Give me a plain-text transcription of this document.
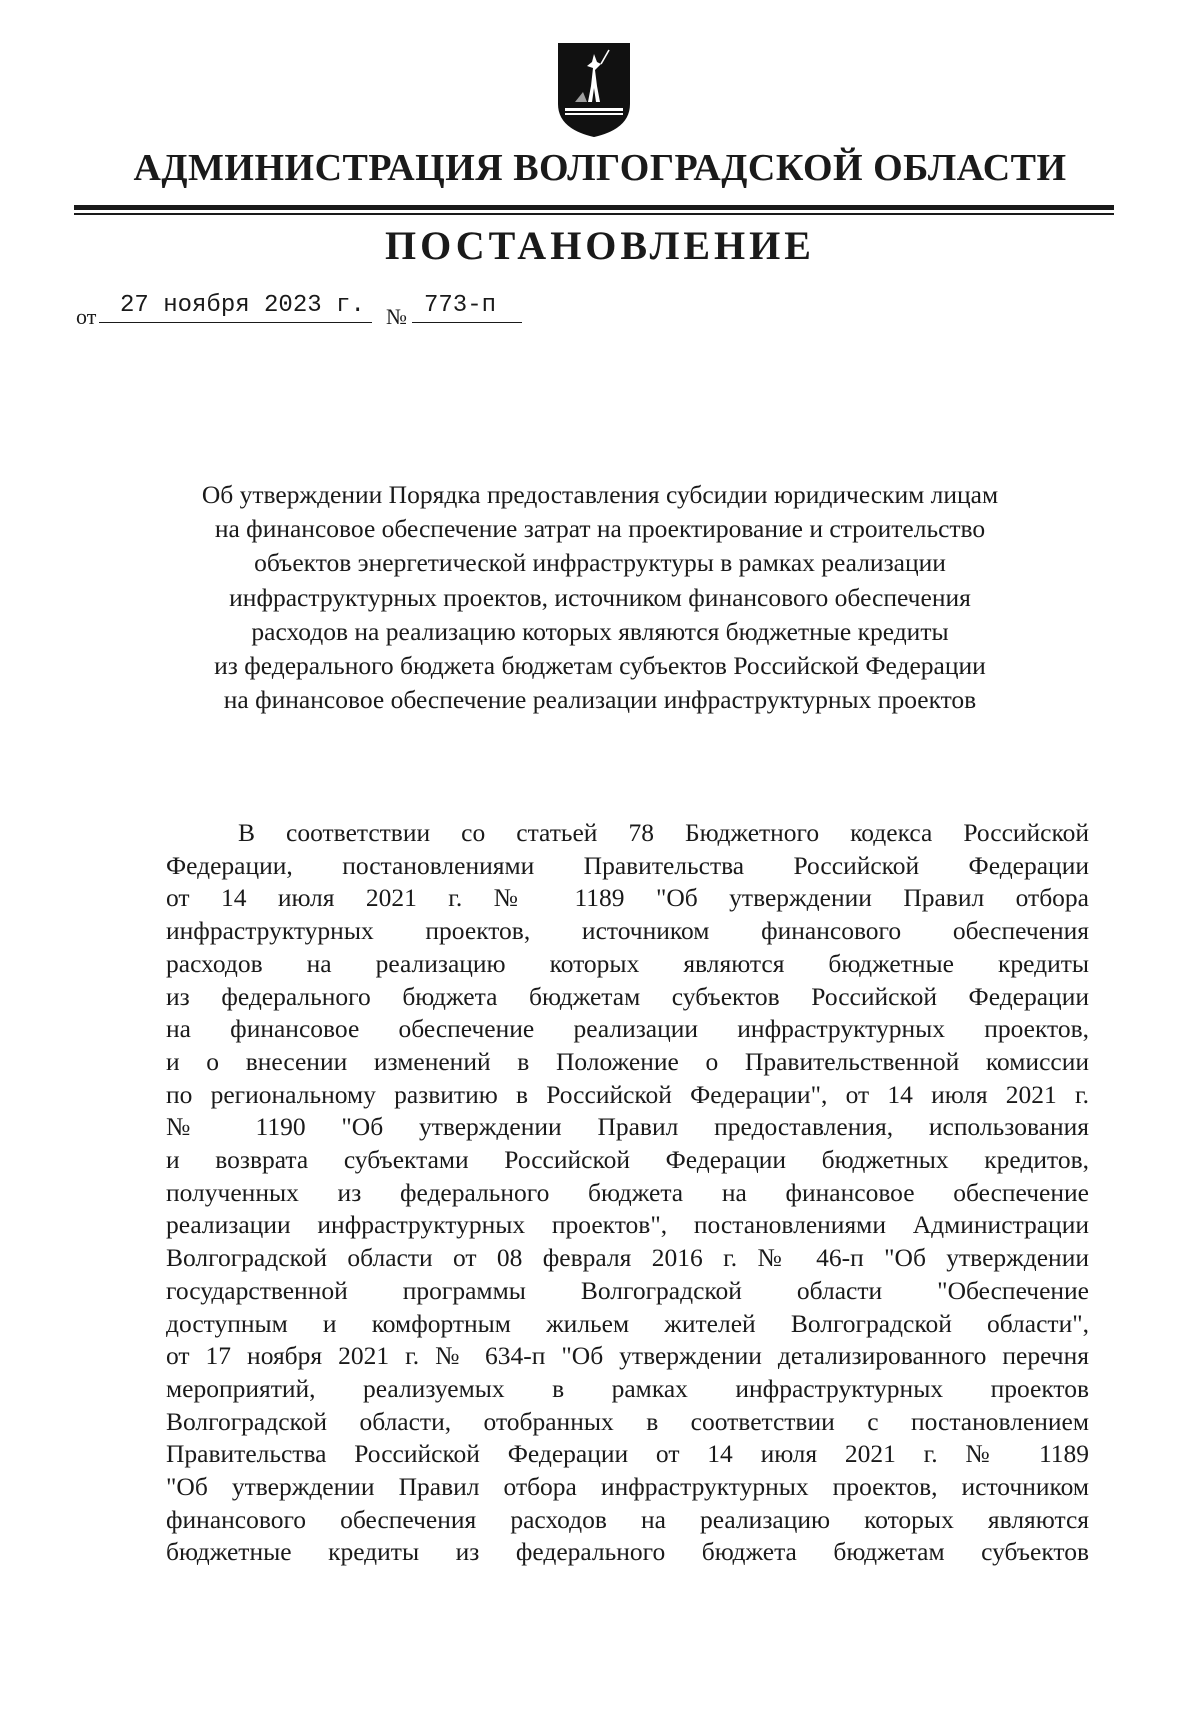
АДМИНИСТРАЦИЯ ВОЛГОГРАДСКОЙ ОБЛАСТИ
ПОСТАНОВЛЕНИЕ
от 27 ноября 2023 г. № 773-п
Об утверждении Порядка предоставления субсидии юридическим лицам
на финансовое обеспечение затрат на проектирование и строительство
объектов энергетической инфраструктуры в рамках реализации
инфраструктурных проектов, источником финансового обеспечения
расходов на реализацию которых являются бюджетные кредиты
из федерального бюджета бюджетам субъектов Российской Федерации
на финансовое обеспечение реализации инфраструктурных проектов
В соответствии со статьей 78 Бюджетного кодекса Российской
Федерации, постановлениями Правительства Российской Федерации
от 14 июля 2021 г. № 1189 "Об утверждении Правил отбора
инфраструктурных проектов, источником финансового обеспечения
расходов на реализацию которых являются бюджетные кредиты
из федерального бюджета бюджетам субъектов Российской Федерации
на финансовое обеспечение реализации инфраструктурных проектов,
и о внесении изменений в Положение о Правительственной комиссии
по региональному развитию в Российской Федерации", от 14 июля 2021 г.
№ 1190 "Об утверждении Правил предоставления, использования
и возврата субъектами Российской Федерации бюджетных кредитов,
полученных из федерального бюджета на финансовое обеспечение
реализации инфраструктурных проектов", постановлениями Администрации
Волгоградской области от 08 февраля 2016 г. № 46-п "Об утверждении
государственной программы Волгоградской области "Обеспечение
доступным и комфортным жильем жителей Волгоградской области",
от 17 ноября 2021 г. № 634-п "Об утверждении детализированного перечня
мероприятий, реализуемых в рамках инфраструктурных проектов
Волгоградской области, отобранных в соответствии с постановлением
Правительства Российской Федерации от 14 июля 2021 г. № 1189
"Об утверждении Правил отбора инфраструктурных проектов, источником
финансового обеспечения расходов на реализацию которых являются
бюджетные кредиты из федерального бюджета бюджетам субъектов
